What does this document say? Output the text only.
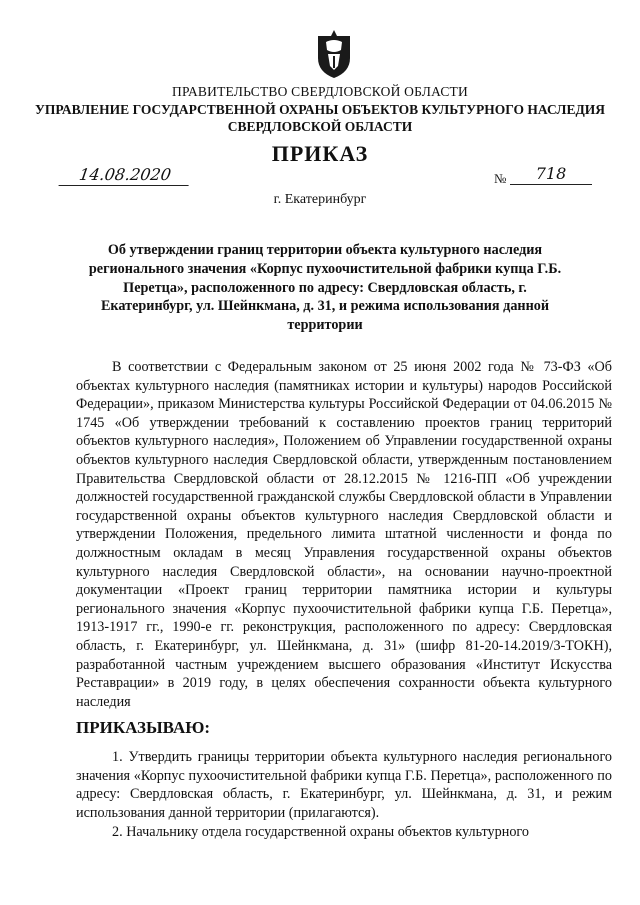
ПРАВИТЕЛЬСТВО СВЕРДЛОВСКОЙ ОБЛАСТИ
УПРАВЛЕНИЕ ГОСУДАРСТВЕННОЙ ОХРАНЫ ОБЪЕКТОВ КУЛЬТУРНОГО НАСЛЕДИЯ
СВЕРДЛОВСКОЙ ОБЛАСТИ
ПРИКАЗ
14.08.2020	№	718
г. Екатеринбург
Об утверждении границ территории объекта культурного наследия регионального значения «Корпус пухоочистительной фабрики купца Г.Б. Перетца», расположенного по адресу: Свердловская область, г. Екатеринбург, ул. Шейнкмана, д. 31, и режима использования данной территории
В соответствии с Федеральным законом от 25 июня 2002 года № 73-ФЗ «Об объектах культурного наследия (памятниках истории и культуры) народов Российской Федерации», приказом Министерства культуры Российской Федерации от 04.06.2015 № 1745 «Об утверждении требований к составлению проектов границ территорий объектов культурного наследия», Положением об Управлении государственной охраны объектов культурного наследия Свердловской области, утвержденным постановлением Правительства Свердловской области от 28.12.2015 № 1216-ПП «Об учреждении должностей государственной гражданской службы Свердловской области в Управлении государственной охраны объектов культурного наследия Свердловской области и утверждении Положения, предельного лимита штатной численности и фонда по должностным окладам в месяц Управления государственной охраны объектов культурного наследия Свердловской области», на основании научно-проектной документации «Проект границ территории памятника истории и культуры регионального значения «Корпус пухоочистительной фабрики купца Г.Б. Перетца», 1913-1917 гг., 1990-е гг. реконструкция, расположенного по адресу: Свердловская область, г. Екатеринбург, ул. Шейнкмана, д. 31» (шифр 81-20-14.2019/3-ТОКН), разработанной частным учреждением высшего образования «Институт Искусства Реставрации» в 2019 году, в целях обеспечения сохранности объекта культурного наследия
ПРИКАЗЫВАЮ:
1. Утвердить границы территории объекта культурного наследия регионального значения «Корпус пухоочистительной фабрики купца Г.Б. Перетца», расположенного по адресу: Свердловская область, г. Екатеринбург, ул. Шейнкмана, д. 31, и режим использования данной территории (прилагаются).
2. Начальнику отдела государственной охраны объектов культурного
